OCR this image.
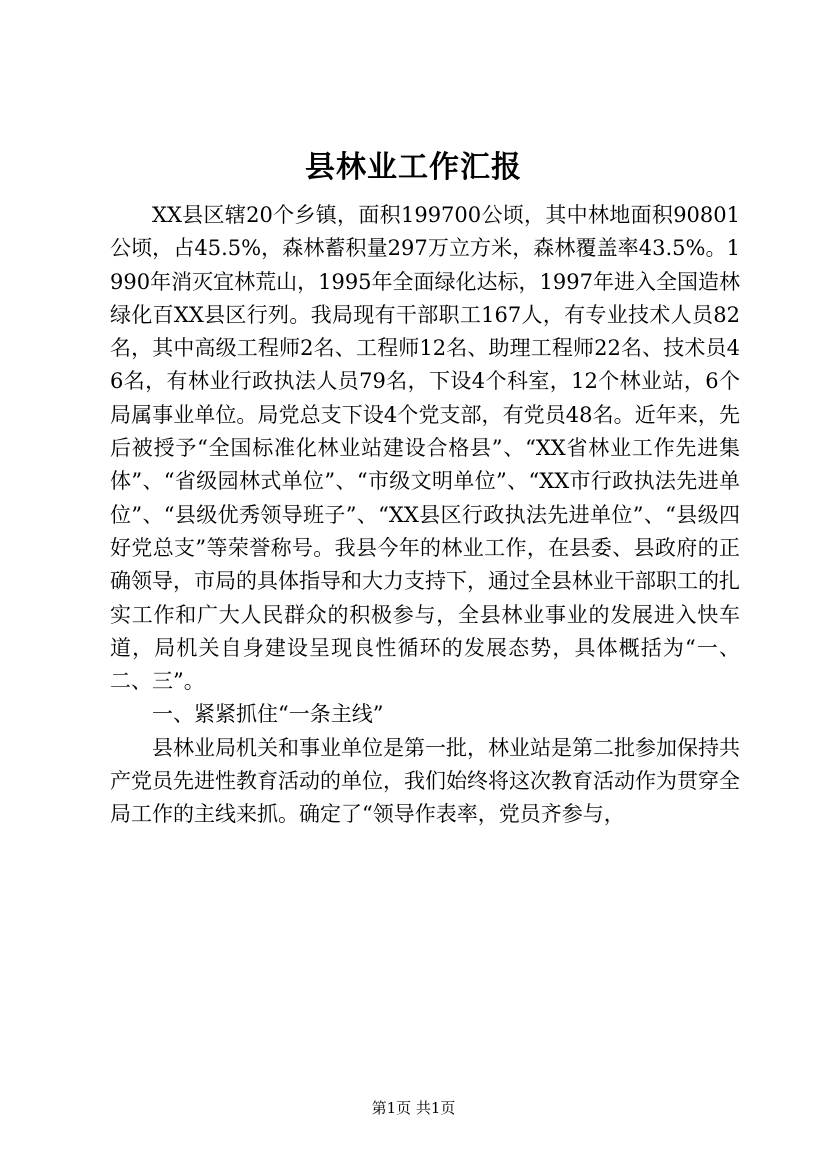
县林业工作汇报

XX县区辖20个乡镇，面积199700公顷，其中林地面积90801公顷，占45.5%，森林蓄积量297万立方米，森林覆盖率43.5%。1990年消灭宜林荒山，1995年全面绿化达标，1997年进入全国造林绿化百XX县区行列。我局现有干部职工167人，有专业技术人员82名，其中高级工程师2名、工程师12名、助理工程师22名、技术员46名，有林业行政执法人员79名，下设4个科室，12个林业站，6个局属事业单位。局党总支下设4个党支部，有党员48名。近年来，先后被授予“全国标准化林业站建设合格县”、“XX省林业工作先进集体”、“省级园林式单位”、“市级文明单位”、“XX市行政执法先进单位”、“县级优秀领导班子”、“XX县区行政执法先进单位”、“县级四好党总支”等荣誉称号。我县今年的林业工作，在县委、县政府的正确领导，市局的具体指导和大力支持下，通过全县林业干部职工的扎实工作和广大人民群众的积极参与，全县林业事业的发展进入快车道，局机关自身建设呈现良性循环的发展态势，具体概括为“一、二、三”。

一、紧紧抓住“一条主线”

县林业局机关和事业单位是第一批，林业站是第二批参加保持共产党员先进性教育活动的单位，我们始终将这次教育活动作为贯穿全局工作的主线来抓。确定了“领导作表率，党员齐参与，

第1页 共1页
